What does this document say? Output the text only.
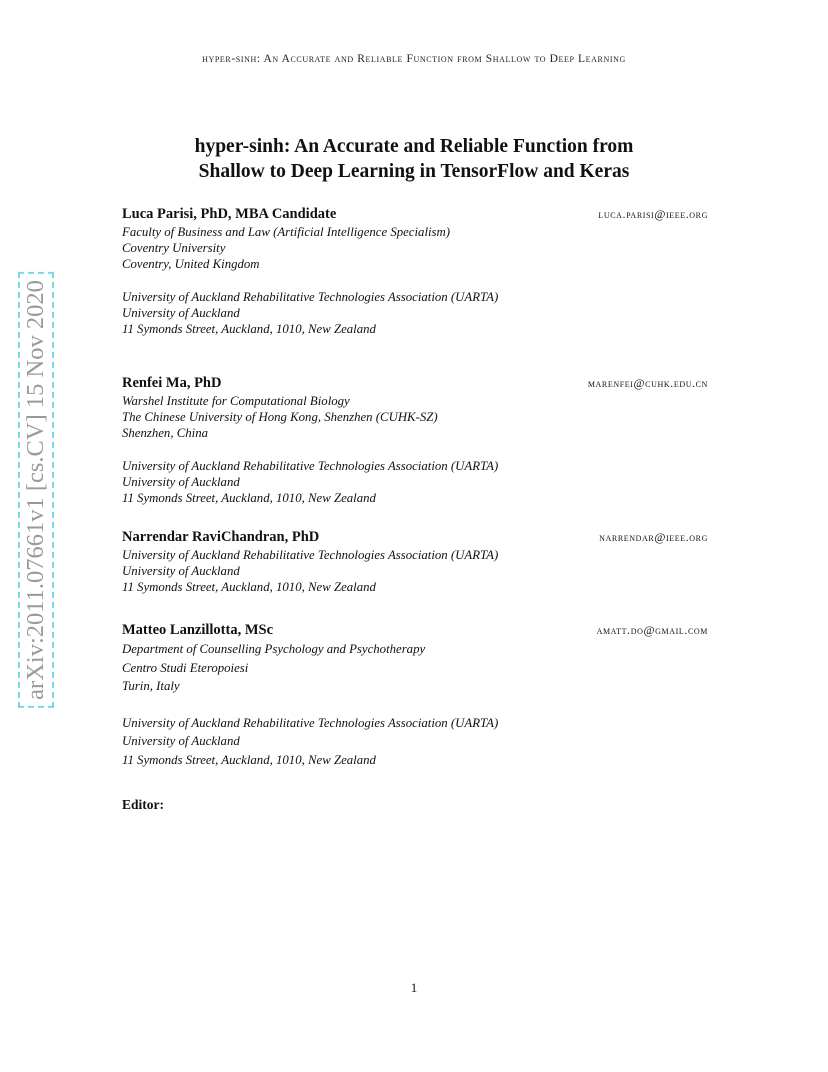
hyper-sinh: An Accurate and Reliable Function from Shallow to Deep Learning
arXiv:2011.07661v1 [cs.CV] 15 Nov 2020
hyper-sinh: An Accurate and Reliable Function from
Shallow to Deep Learning in TensorFlow and Keras
Luca Parisi, PhD, MBA Candidate	luca.parisi@ieee.org
Faculty of Business and Law (Artificial Intelligence Specialism)
Coventry University
Coventry, United Kingdom
University of Auckland Rehabilitative Technologies Association (UARTA)
University of Auckland
11 Symonds Street, Auckland, 1010, New Zealand
Renfei Ma, PhD	marenfei@cuhk.edu.cn
Warshel Institute for Computational Biology
The Chinese University of Hong Kong, Shenzhen (CUHK-SZ)
Shenzhen, China
University of Auckland Rehabilitative Technologies Association (UARTA)
University of Auckland
11 Symonds Street, Auckland, 1010, New Zealand
Narrendar RaviChandran, PhD	narrendar@ieee.org
University of Auckland Rehabilitative Technologies Association (UARTA)
University of Auckland
11 Symonds Street, Auckland, 1010, New Zealand
Matteo Lanzillotta, MSc	amatt.do@gmail.com
Department of Counselling Psychology and Psychotherapy
Centro Studi Eteropoiesi
Turin, Italy
University of Auckland Rehabilitative Technologies Association (UARTA)
University of Auckland
11 Symonds Street, Auckland, 1010, New Zealand
Editor:
1
